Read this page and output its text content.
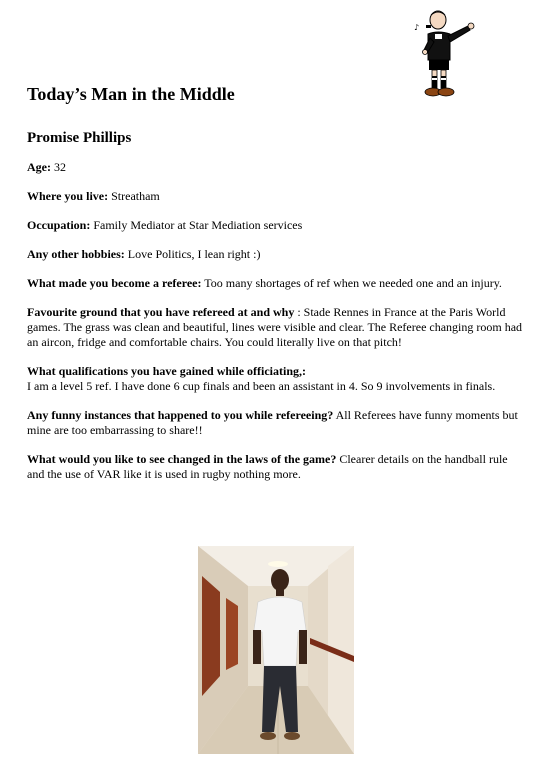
♪
Today’s Man in the Middle
Promise Phillips

Age: 32

Where you live: Streatham

Occupation: Family Mediator at Star Mediation services

Any other hobbies: Love Politics, I lean right :)

What made you become a referee: Too many shortages of ref when we needed one and an injury.

Favourite ground that you have refereed at and why : Stade Rennes in France at the Paris World games. The grass was clean and beautiful, lines were visible and clear. The Referee changing room had an aircon, fridge and comfortable chairs. You could literally live on that pitch!

What qualifications you have gained while officiating,:
I am a level 5 ref. I have done 6 cup finals and been an assistant in 4. So 9 involvements in finals.

Any funny instances that happened to you while refereeing? All Referees have funny moments but mine are too embarrassing to share!!

What would you like to see changed in the laws of the game? Clearer details on the handball rule and the use of VAR like it is used in rugby nothing more.
